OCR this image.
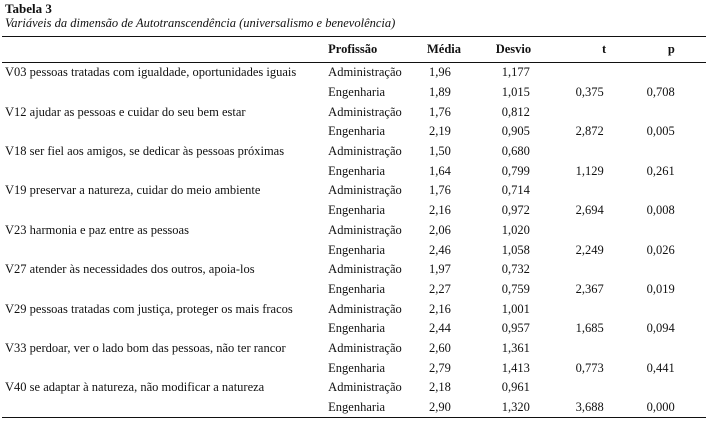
Tabela 3
Variáveis da dimensão de Autotranscendência (universalismo e benevolência)
	Profissão	Média	Desvio	t	p
V03 pessoas tratadas com igualdade, oportunidades iguais	Administração	1,96	1,177		
	Engenharia	1,89	1,015	0,375	0,708
V12 ajudar as pessoas e cuidar do seu bem estar	Administração	1,76	0,812		
	Engenharia	2,19	0,905	2,872	0,005
V18 ser fiel aos amigos, se dedicar às pessoas próximas	Administração	1,50	0,680		
	Engenharia	1,64	0,799	1,129	0,261
V19 preservar a natureza, cuidar do meio ambiente	Administração	1,76	0,714		
	Engenharia	2,16	0,972	2,694	0,008
V23 harmonia e paz entre as pessoas	Administração	2,06	1,020		
	Engenharia	2,46	1,058	2,249	0,026
V27 atender às necessidades dos outros, apoia-los	Administração	1,97	0,732		
	Engenharia	2,27	0,759	2,367	0,019
V29 pessoas tratadas com justiça, proteger os mais fracos	Administração	2,16	1,001		
	Engenharia	2,44	0,957	1,685	0,094
V33 perdoar, ver o lado bom das pessoas, não ter rancor	Administração	2,60	1,361		
	Engenharia	2,79	1,413	0,773	0,441
V40 se adaptar à natureza, não modificar a natureza	Administração	2,18	0,961		
	Engenharia	2,90	1,320	3,688	0,000
